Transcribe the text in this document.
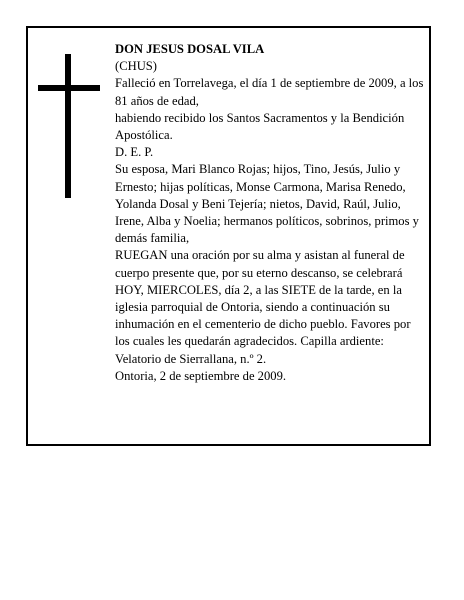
DON JESUS DOSAL VILA

(CHUS)

Falleció en Torrelavega, el día 1 de septiembre de 2009, a los 81 años de edad,

habiendo recibido los Santos Sacramentos y la Bendición Apostólica.

D. E. P.

Su esposa, Mari Blanco Rojas; hijos, Tino, Jesús, Julio y Ernesto; hijas políticas, Monse Carmona, Marisa Renedo, Yolanda Dosal y Beni Tejería; nietos, David, Raúl, Julio, Irene, Alba y Noelia; hermanos políticos, sobrinos, primos y demás familia,

RUEGAN una oración por su alma y asistan al funeral de cuerpo presente que, por su eterno descanso, se celebrará HOY, MIERCOLES, día 2, a las SIETE de la tarde, en la iglesia parroquial de Ontoria, siendo a continuación su inhumación en el cementerio de dicho pueblo. Favores por los cuales les quedarán agradecidos. Capilla ardiente: Velatorio de Sierrallana, n.º 2.

Ontoria, 2 de septiembre de 2009.
